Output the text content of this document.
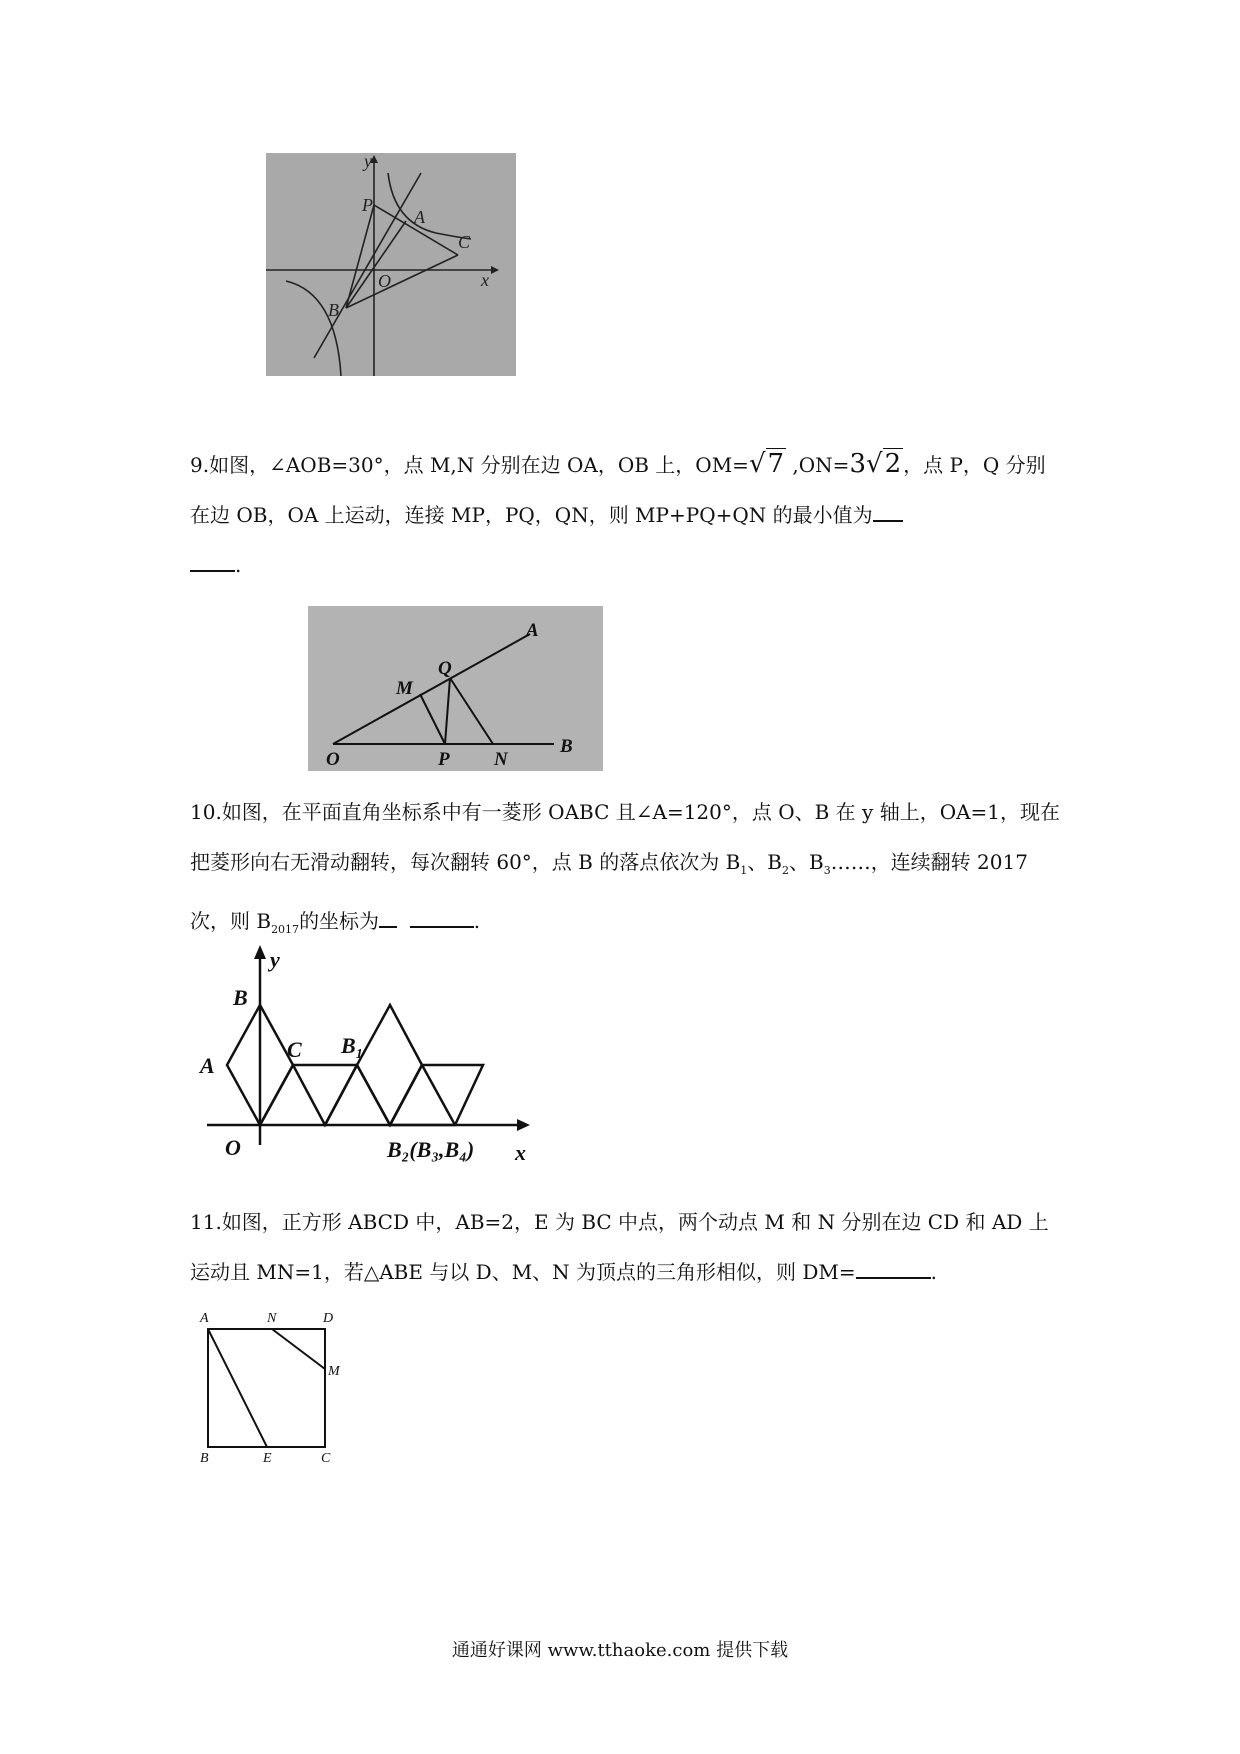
y
x
P
A
C
O
B

9.如图，∠AOB=30°，点 M,N 分别在边 OA，OB 上，OM=√7 ,ON=3√2 ，点 P，Q 分别在边 OB，OA 上运动，连接 MP，PQ，QN，则 MP+PQ+QN 的最小值为

.

A
Q
M
O	P N
B

10.如图，在平面直角坐标系中有一菱形 OABC 且∠A=120°，点 O、B 在 y 轴上，OA=1，现在把菱形向右无滑动翻转，每次翻转 60°，点 B 的落点依次为 $B_1$、$B_2$、$B_3\dots\dots$，连续翻转 2017 次，则 $B_{2017}$的坐标为	.

y
B
A
C $B_1$
O	B₂(B₃,B₄) x

11.如图，正方形 ABCD 中，AB=2，E 为 BC 中点，两个动点 M 和 N 分别在边 CD 和 AD 上运动且 MN=1，若△ABE 与以 D、M、N 为顶点的三角形相似，则 DM=	.

A	N	D
M
B	E	C
通通好课网 www.tthaoke.com 提供下载
